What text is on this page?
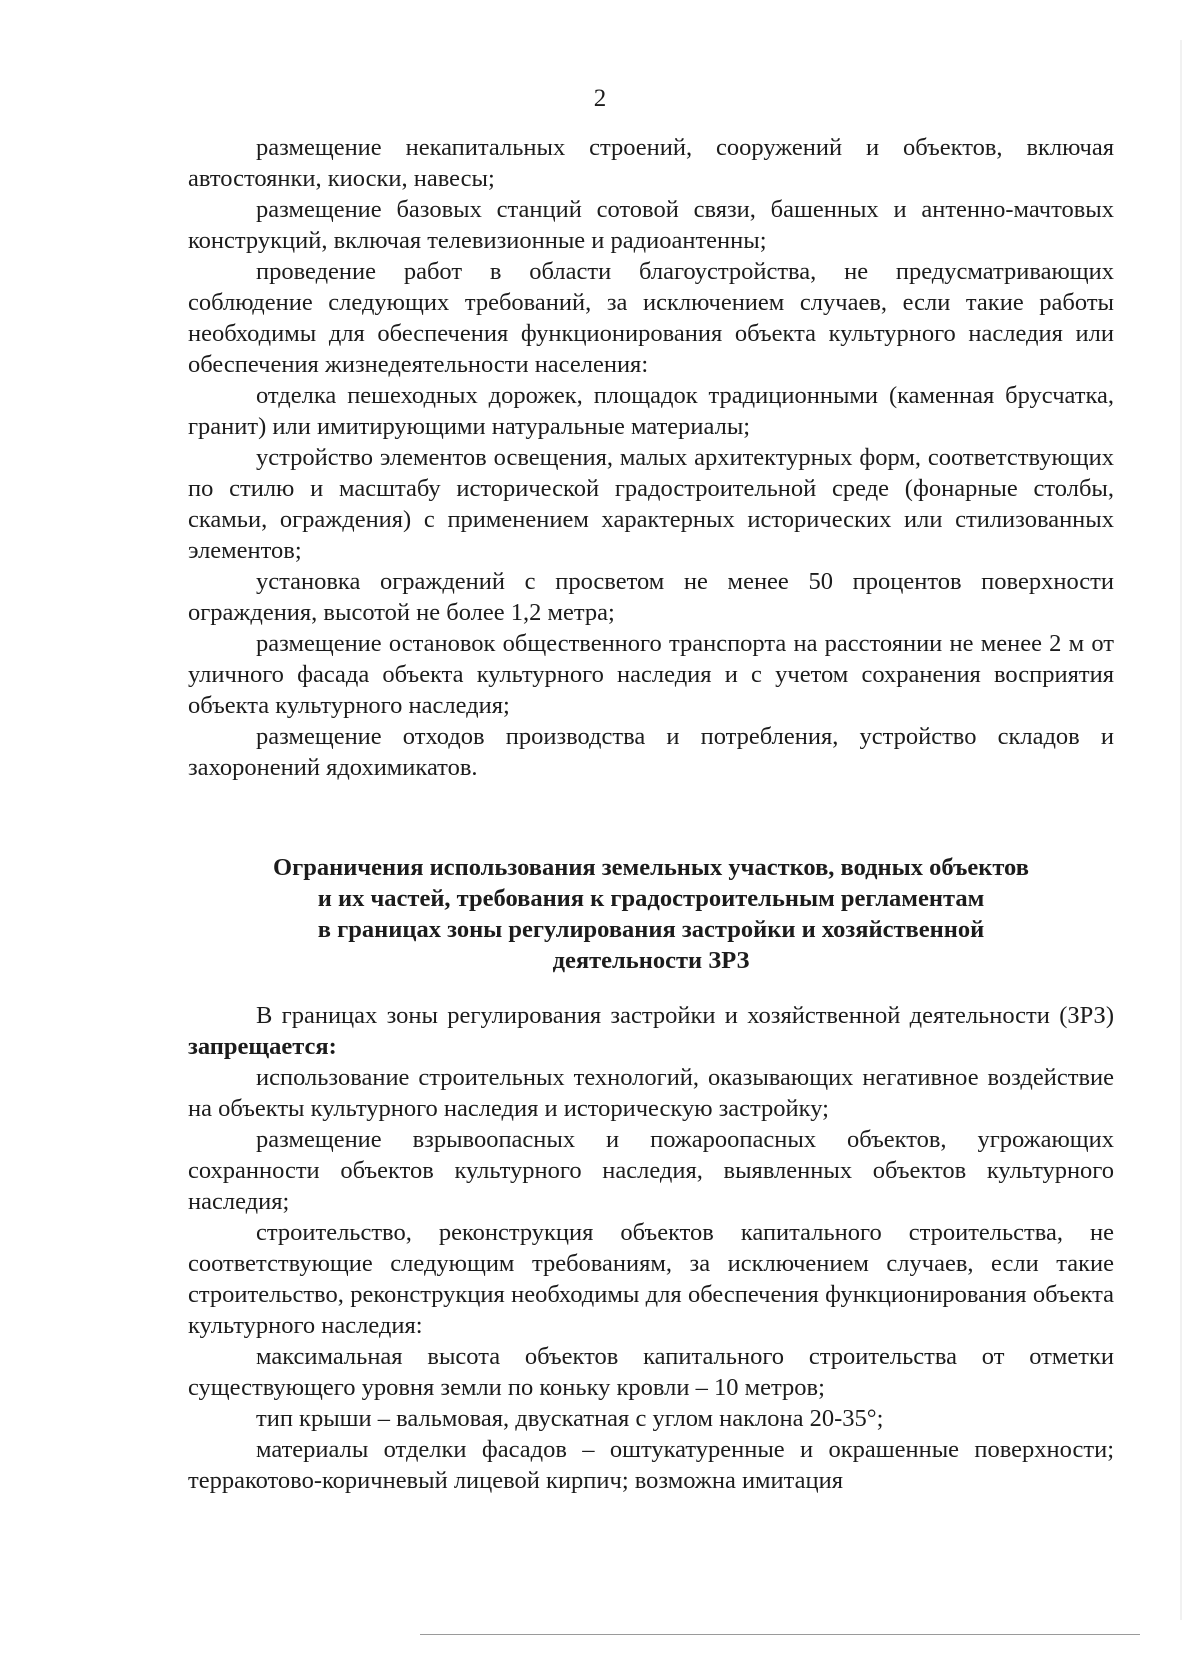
2

размещение некапитальных строений, сооружений и объектов, включая автостоянки, киоски, навесы;

размещение базовых станций сотовой связи, башенных и антенно-мачтовых конструкций, включая телевизионные и радиоантенны;

проведение работ в области благоустройства, не предусматривающих соблюдение следующих требований, за исключением случаев, если такие работы необходимы для обеспечения функционирования объекта культурного наследия или обеспечения жизнедеятельности населения:

отделка пешеходных дорожек, площадок традиционными (каменная брусчатка, гранит) или имитирующими натуральные материалы;

устройство элементов освещения, малых архитектурных форм, соответствующих по стилю и масштабу исторической градостроительной среде (фонарные столбы, скамьи, ограждения) с применением характерных исторических или стилизованных элементов;

установка ограждений с просветом не менее 50 процентов поверхности ограждения, высотой не более 1,2 метра;

размещение остановок общественного транспорта на расстоянии не менее 2 м от уличного фасада объекта культурного наследия и с учетом сохранения восприятия объекта культурного наследия;

размещение отходов производства и потребления, устройство складов и захоронений ядохимикатов.

Ограничения использования земельных участков, водных объектов
и их частей, требования к градостроительным регламентам
в границах зоны регулирования застройки и хозяйственной
деятельности ЗРЗ

В границах зоны регулирования застройки и хозяйственной деятельности (ЗРЗ) запрещается:

использование строительных технологий, оказывающих негативное воздействие на объекты культурного наследия и историческую застройку;

размещение взрывоопасных и пожароопасных объектов, угрожающих сохранности объектов культурного наследия, выявленных объектов культурного наследия;

строительство, реконструкция объектов капитального строительства, не соответствующие следующим требованиям, за исключением случаев, если такие строительство, реконструкция необходимы для обеспечения функционирования объекта культурного наследия:

максимальная высота объектов капитального строительства от отметки существующего уровня земли по коньку кровли – 10 метров;

тип крыши – вальмовая, двускатная с углом наклона 20-35°;

материалы отделки фасадов – оштукатуренные и окрашенные поверхности; терракотово-коричневый лицевой кирпич; возможна имитация
